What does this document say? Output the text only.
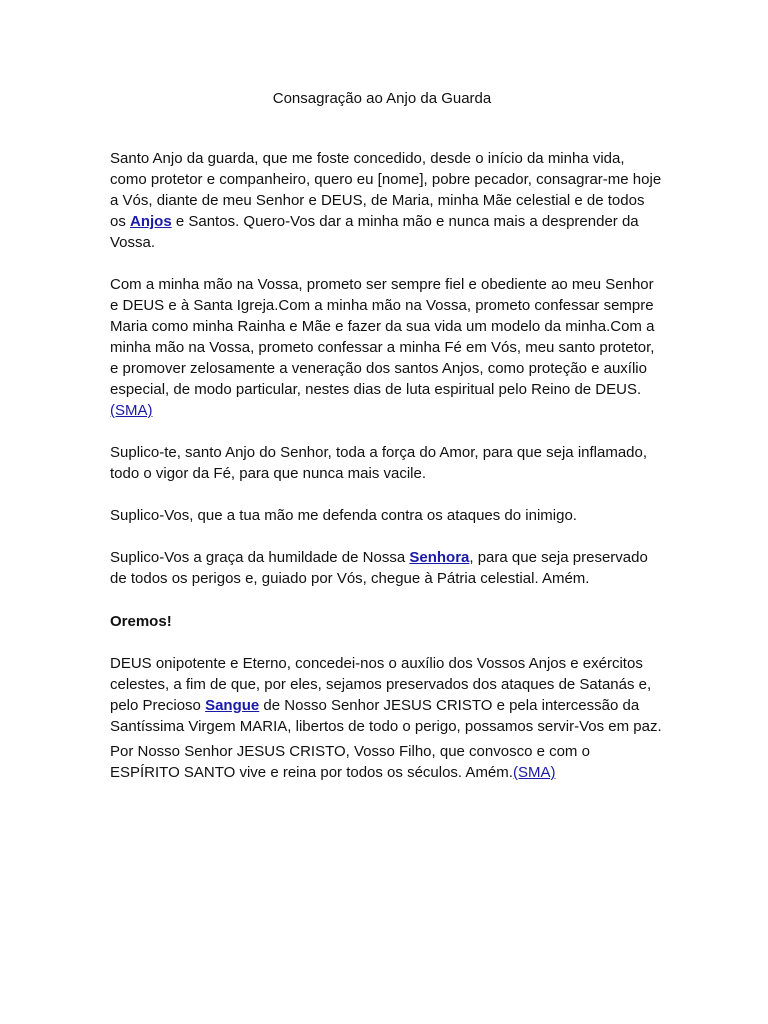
Consagração ao Anjo da Guarda

Santo Anjo da guarda, que me foste concedido, desde o início da minha vida, como protetor e companheiro, quero eu [nome], pobre pecador, consagrar-me hoje a Vós, diante de meu Senhor e DEUS, de Maria, minha Mãe celestial e de todos os Anjos e Santos. Quero-Vos dar a minha mão e nunca mais a desprender da Vossa.

Com a minha mão na Vossa, prometo ser sempre fiel e obediente ao meu Senhor e DEUS e à Santa Igreja.Com a minha mão na Vossa, prometo confessar sempre Maria como minha Rainha e Mãe e fazer da sua vida um modelo da minha.Com a minha mão na Vossa, prometo confessar a minha Fé em Vós, meu santo protetor, e promover zelosamente a veneração dos santos Anjos, como proteção e auxílio especial, de modo particular, nestes dias de luta espiritual pelo Reino de DEUS.(SMA)

Suplico-te, santo Anjo do Senhor, toda a força do Amor, para que seja inflamado, todo o vigor da Fé, para que nunca mais vacile.

Suplico-Vos, que a tua mão me defenda contra os ataques do inimigo.

Suplico-Vos a graça da humildade de Nossa Senhora, para que seja preservado de todos os perigos e, guiado por Vós, chegue à Pátria celestial. Amém.

Oremos!

DEUS onipotente e Eterno, concedei-nos o auxílio dos Vossos Anjos e exércitos celestes, a fim de que, por eles, sejamos preservados dos ataques de Satanás e, pelo Precioso Sangue de Nosso Senhor JESUS CRISTO e pela intercessão da Santíssima Virgem MARIA, libertos de todo o perigo, possamos servir-Vos em paz.

Por Nosso Senhor JESUS CRISTO, Vosso Filho, que convosco e com o ESPÍRITO SANTO vive e reina por todos os séculos. Amém.(SMA)
